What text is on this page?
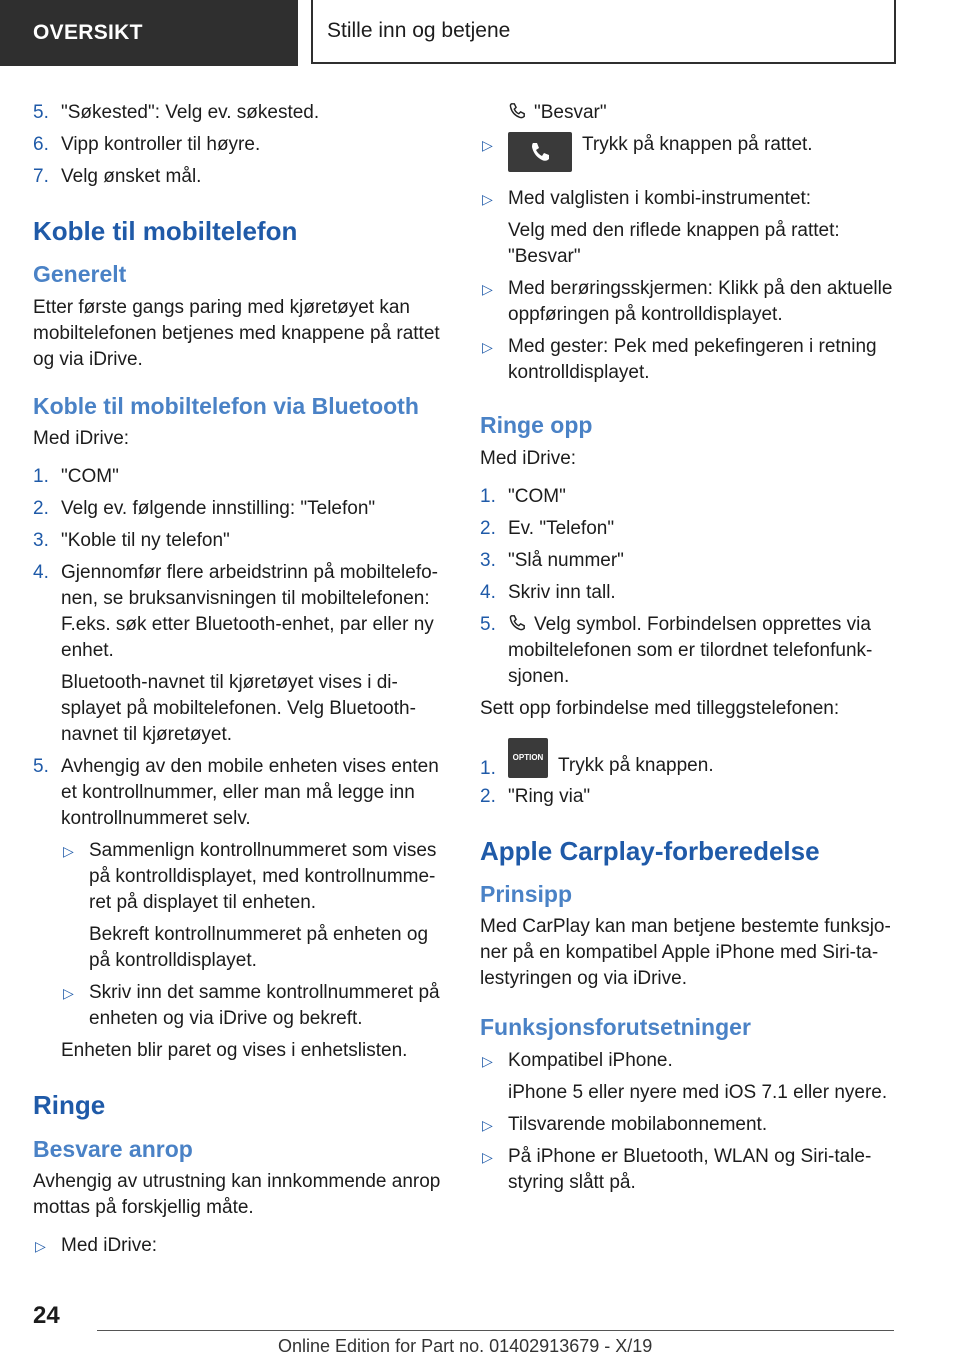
OVERSIKT	Stille inn og betjene
5. "Søkested": Velg ev. søkested.
6. Vipp kontroller til høyre.
7. Velg ønsket mål.
Koble til mobiltelefon
Generelt

Etter første gangs paring med kjøretøyet kan mobiltelefonen betjenes med knappene på rattet og via iDrive.

Koble til mobiltelefon via Bluetooth

Med iDrive:

1. "COM"
2. Velg ev. følgende innstilling: "Telefon"
3. "Koble til ny telefon"
4. Gjennomfør flere arbeidstrinn på mobiltelefo-nen, se bruksanvisningen til mobiltelefonen: F.eks. søk etter Bluetooth-enhet, par eller ny enhet.
Bluetooth-navnet til kjøretøyet vises i di-splayet på mobiltelefonen. Velg Bluetooth-navnet til kjøretøyet.
5. Avhengig av den mobile enheten vises enten et kontrollnummer, eller man må legge inn kontrollnummeret selv.
▷ Sammenlign kontrollnummeret som vises på kontrolldisplayet, med kontrollnumme-ret på displayet til enheten.
Bekreft kontrollnummeret på enheten og på kontrolldisplayet.
▷ Skriv inn det samme kontrollnummeret på enheten og via iDrive og bekreft.
Enheten blir paret og vises i enhetslisten.
Ringe
Besvare anrop

Avhengig av utrustning kan innkommende anrop mottas på forskjellig måte.

▷ Med iDrive:
"Besvar"
▷	Trykk på knappen på rattet.
▷ Med valglisten i kombi-instrumentet:
Velg med den riflede knappen på rattet: "Besvar"
▷ Med berøringsskjermen: Klikk på den aktuelle oppføringen på kontrolldisplayet.
▷ Med gester: Pek med pekefingeren i retning kontrolldisplayet.
Ringe opp

Med iDrive:

1. "COM"
2. Ev. "Telefon"
3. "Slå nummer"
4. Skriv inn tall.
5. Velg symbol. Forbindelsen opprettes via mobiltelefonen som er tilordnet telefonfunk-sjonen.

Sett opp forbindelse med tilleggstelefonen:

1.
OPTION Trykk på knappen.
2. "Ring via"
Apple Carplay-forberedelse
Prinsipp

Med CarPlay kan man betjene bestemte funksjo-ner på en kompatibel Apple iPhone med Siri-ta-lestyringen og via iDrive.

Funksjonsforutsetninger
▷ Kompatibel iPhone.
iPhone 5 eller nyere med iOS 7.1 eller nyere.
▷ Tilsvarende mobilabonnement.
▷ På iPhone er Bluetooth, WLAN og Siri-tale-styring slått på.
24
Online Edition for Part no. 01402913679 - X/19
